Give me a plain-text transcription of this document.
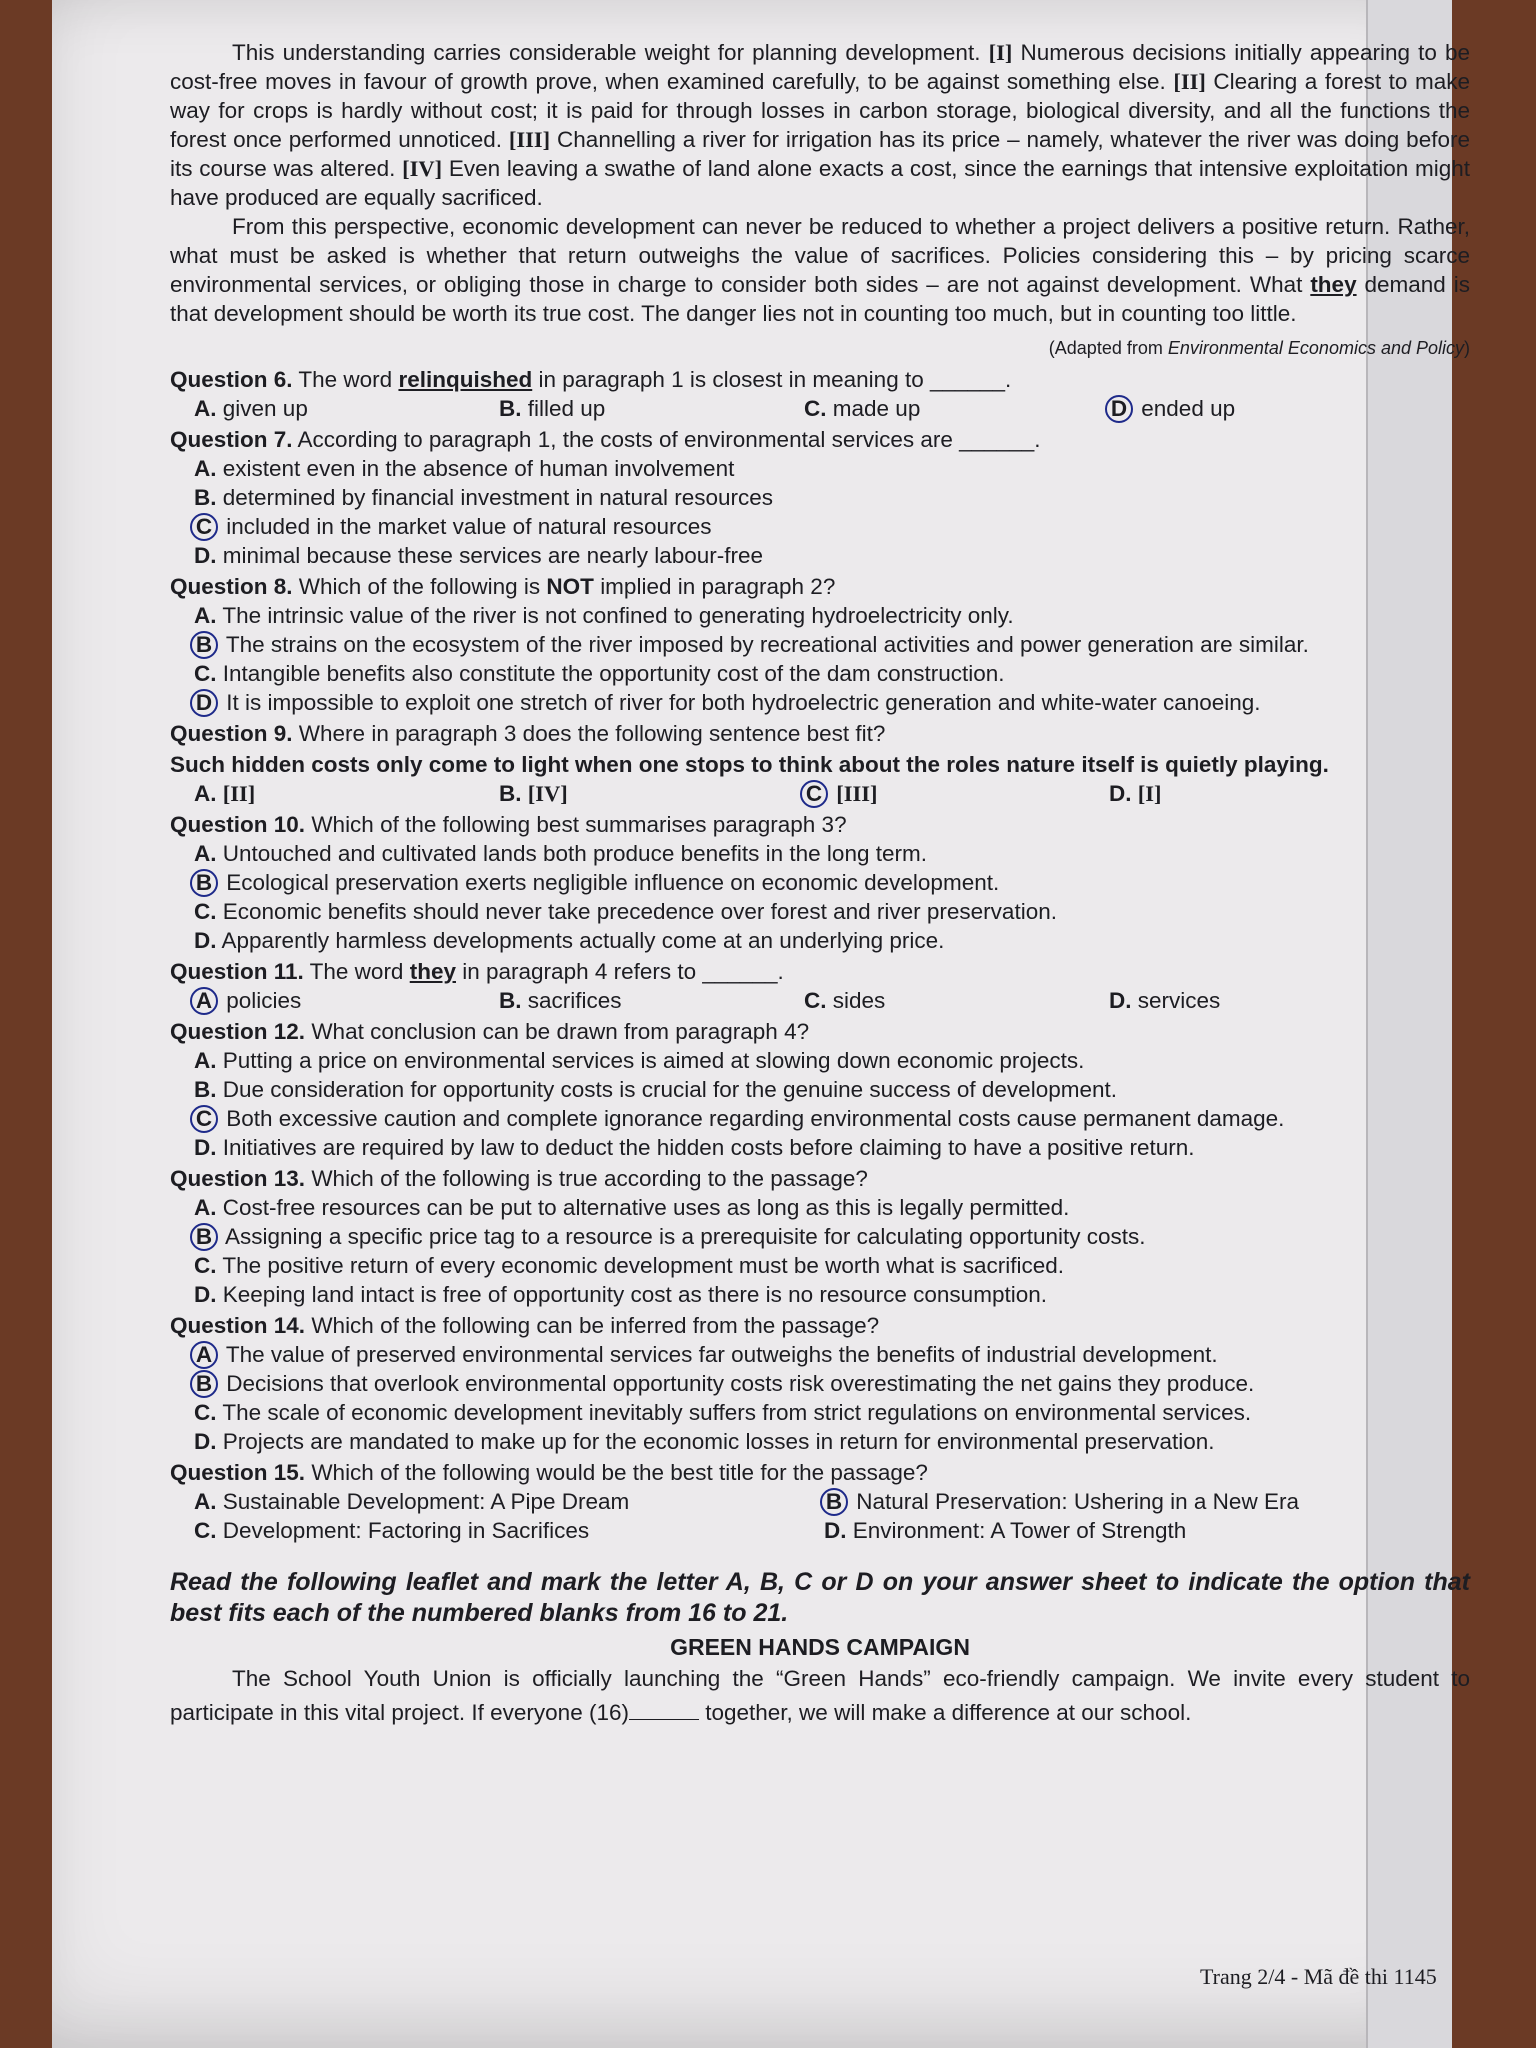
This understanding carries considerable weight for planning development. [I] Numerous decisions initially appearing to be cost-free moves in favour of growth prove, when examined carefully, to be against something else. [II] Clearing a forest to make way for crops is hardly without cost; it is paid for through losses in carbon storage, biological diversity, and all the functions the forest once performed unnoticed. [III] Channelling a river for irrigation has its price – namely, whatever the river was doing before its course was altered. [IV] Even leaving a swathe of land alone exacts a cost, since the earnings that intensive exploitation might have produced are equally sacrificed.

From this perspective, economic development can never be reduced to whether a project delivers a positive return. Rather, what must be asked is whether that return outweighs the value of sacrifices. Policies considering this – by pricing scarce environmental services, or obliging those in charge to consider both sides – are not against development. What they demand is that development should be worth its true cost. The danger lies not in counting too much, but in counting too little.

(Adapted from Environmental Economics and Policy)
Question 6. The word relinquished in paragraph 1 is closest in meaning to ______.
A. given up	B. filled up	C. made up	D ended up
Question 7. According to paragraph 1, the costs of environmental services are ______.
A. existent even in the absence of human involvement
B. determined by financial investment in natural resources
C included in the market value of natural resources
D. minimal because these services are nearly labour-free
Question 8. Which of the following is NOT implied in paragraph 2?
A. The intrinsic value of the river is not confined to generating hydroelectricity only.
B The strains on the ecosystem of the river imposed by recreational activities and power generation are similar.
C. Intangible benefits also constitute the opportunity cost of the dam construction.
D It is impossible to exploit one stretch of river for both hydroelectric generation and white-water canoeing.
Question 9. Where in paragraph 3 does the following sentence best fit?
Such hidden costs only come to light when one stops to think about the roles nature itself is quietly playing.
A. [II]	B. [IV]	C [III]	D. [I]
Question 10. Which of the following best summarises paragraph 3?
A. Untouched and cultivated lands both produce benefits in the long term.
B Ecological preservation exerts negligible influence on economic development.
C. Economic benefits should never take precedence over forest and river preservation.
D. Apparently harmless developments actually come at an underlying price.
Question 11. The word they in paragraph 4 refers to ______.
A policies	B. sacrifices	C. sides	D. services
Question 12. What conclusion can be drawn from paragraph 4?
A. Putting a price on environmental services is aimed at slowing down economic projects.
B. Due consideration for opportunity costs is crucial for the genuine success of development.
C Both excessive caution and complete ignorance regarding environmental costs cause permanent damage.
D. Initiatives are required by law to deduct the hidden costs before claiming to have a positive return.
Question 13. Which of the following is true according to the passage?
A. Cost-free resources can be put to alternative uses as long as this is legally permitted.
B Assigning a specific price tag to a resource is a prerequisite for calculating opportunity costs.
C. The positive return of every economic development must be worth what is sacrificed.
D. Keeping land intact is free of opportunity cost as there is no resource consumption.
Question 14. Which of the following can be inferred from the passage?
A The value of preserved environmental services far outweighs the benefits of industrial development.
B Decisions that overlook environmental opportunity costs risk overestimating the net gains they produce.
C. The scale of economic development inevitably suffers from strict regulations on environmental services.
D. Projects are mandated to make up for the economic losses in return for environmental preservation.
Question 15. Which of the following would be the best title for the passage?
A. Sustainable Development: A Pipe Dream	B Natural Preservation: Ushering in a New Era
C. Development: Factoring in Sacrifices	D. Environment: A Tower of Strength

Read the following leaflet and mark the letter A, B, C or D on your answer sheet to indicate the option that best fits each of the numbered blanks from 16 to 21.

GREEN HANDS CAMPAIGN

The School Youth Union is officially launching the “Green Hands” eco-friendly campaign. We invite every student to participate in this vital project. If everyone (16)	together, we will make a difference at our school.

Trang 2/4 - Mã đề thi 1145
